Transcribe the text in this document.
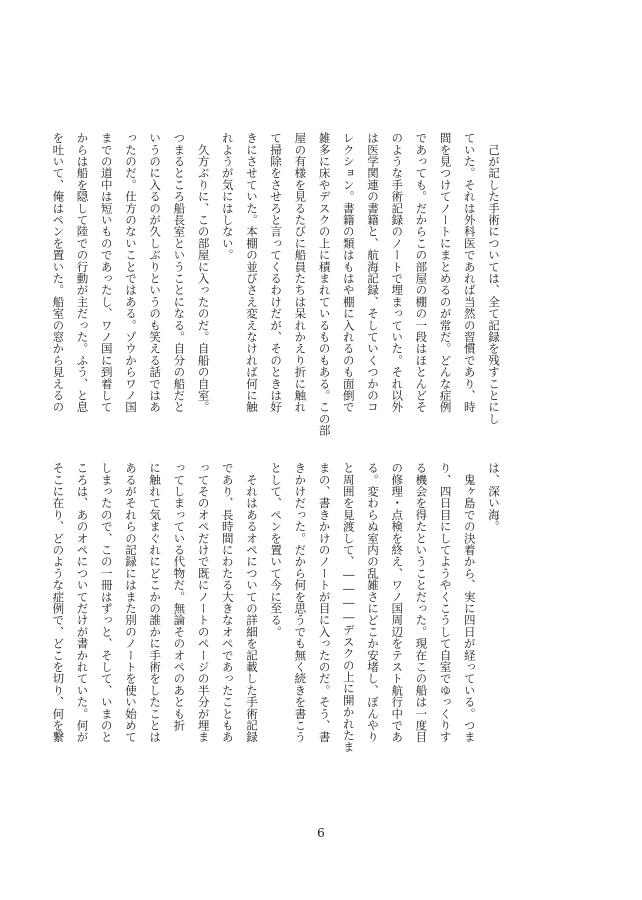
　己が記した手術については、全て記録を残すことにし
ていた。それは外科医であれば当然の習慣であり、時
間を見つけてノートにまとめるのが常だ。どんな症例
であっても。だからこの部屋の棚の一段はほとんどそ
のような手術記録のノートで埋まっていた。それ以外
は医学関連の書籍と、航海記録、そしていくつかのコ
レクション。書籍の類はもはや棚に入れるのも面倒で
雑多に床やデスクの上に積まれているものもある。この部
屋の有様を見るたびに船員たちは呆れかえり折に触れ
て掃除をさせろと言ってくるわけだが、そのときは好
きにさせていた。本棚の並びさえ変えなければ何に触
れようが気にはしない。
　久方ぶりに、この部屋に入ったのだ。自船の自室。
つまるところ船長室ということになる。自分の船だと
いうのに入るのが久しぶりというのも笑える話ではあ
ったのだ。仕方のないことではある。ゾウからワノ国
までの道中は短いものであったし、ワノ国に到着して
からは船を隠して陸での行動が主だった。ふう、と息
を吐いて、俺はペンを置いた。船室の窓から見えるの
は、深い海。
　鬼ヶ島での決着から、実に四日が経っている。つま
り、四日目にしてようやくこうして自室でゆっくりす
る機会を得たということだった。現在この船は一度目
の修理・点検を終え、ワノ国周辺をテスト航行中であ
る。変わらぬ室内の乱雑さにどこか安堵し、ぼんやり
と周囲を見渡して、――――デスクの上に開かれたま
まの、書きかけのノートが目に入ったのだ。そう、書
きかけだった。だから何を思うでも無く続きを書こう
として、ペンを置いて今に至る。
　それはあるオペについての詳細を記載した手術記録
であり、長時間にわたる大きなオペであったこともあ
ってそのオペだけで既にノートのページの半分が埋ま
ってしまっている代物だ。無論そのオペのあとも折
に触れて気まぐれにどこかの誰かに手術をしたことは
あるがそれらの記録にはまた別のノートを使い始めて
しまったので、この一冊はずっと、そして、いまのと
ころは、あのオペについてだけが書かれていた。何が
そこに在り、どのような症例で、どこを切り、何を繋
6
